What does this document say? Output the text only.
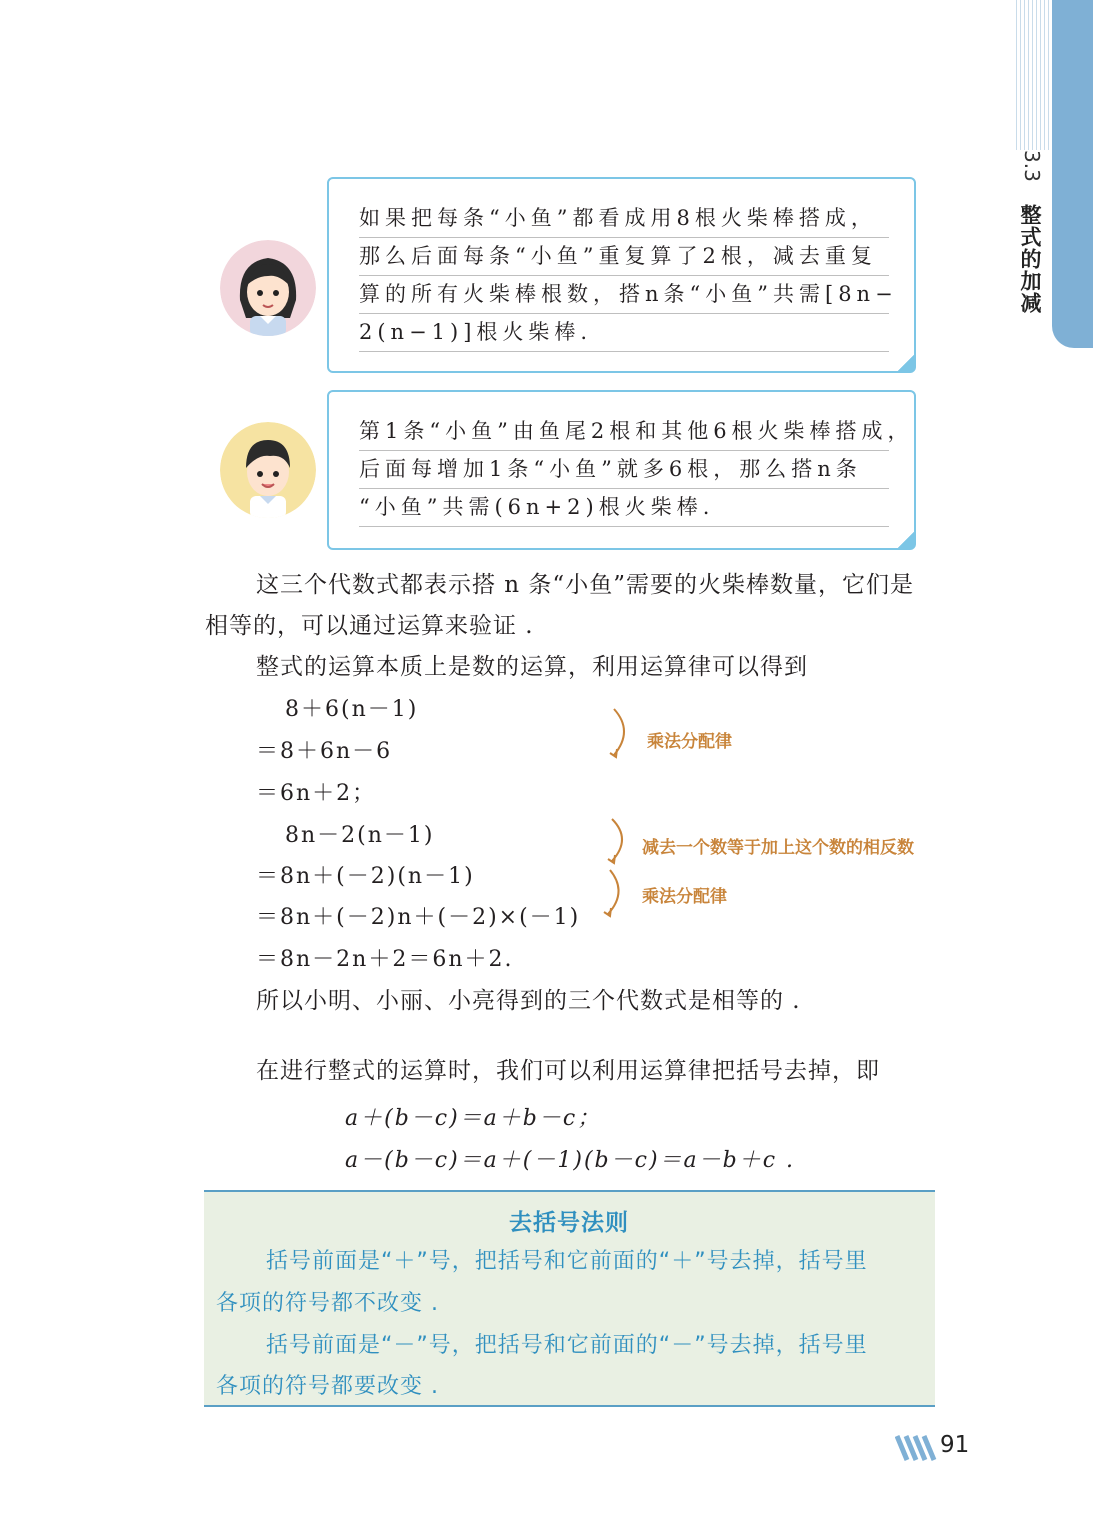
3.3
整式的加减
如果把每条“小鱼”都看成用8根火柴棒搭成，
那么后面每条“小鱼”重复算了2根，减去重复
算的所有火柴棒根数，搭n条“小鱼”共需[8n−
2(n−1)]根火柴棒.
第1条“小鱼”由鱼尾2根和其他6根火柴棒搭成，
后面每增加1条“小鱼”就多6根，那么搭n条
“小鱼”共需(6n+2)根火柴棒.
这三个代数式都表示搭 n 条“小鱼”需要的火柴棒数量，它们是
相等的，可以通过运算来验证 .
整式的运算本质上是数的运算，利用运算律可以得到
8＋6(n－1)
＝8＋6n－6
＝6n＋2；
8n－2(n－1)
＝8n＋(－2)(n－1)
＝8n＋(－2)n＋(－2)×(－1)
＝8n－2n＋2＝6n＋2.
乘法分配律
减去一个数等于加上这个数的相反数
乘法分配律
所以小明、小丽、小亮得到的三个代数式是相等的 .
在进行整式的运算时，我们可以利用运算律把括号去掉，即
a＋(b－c)＝a＋b－c；
a－(b－c)＝a＋(－1)(b－c)＝a－b＋c .
去括号法则
括号前面是“＋”号，把括号和它前面的“＋”号去掉，括号里
各项的符号都不改变 .
括号前面是“－”号，把括号和它前面的“－”号去掉，括号里
各项的符号都要改变 .
91
